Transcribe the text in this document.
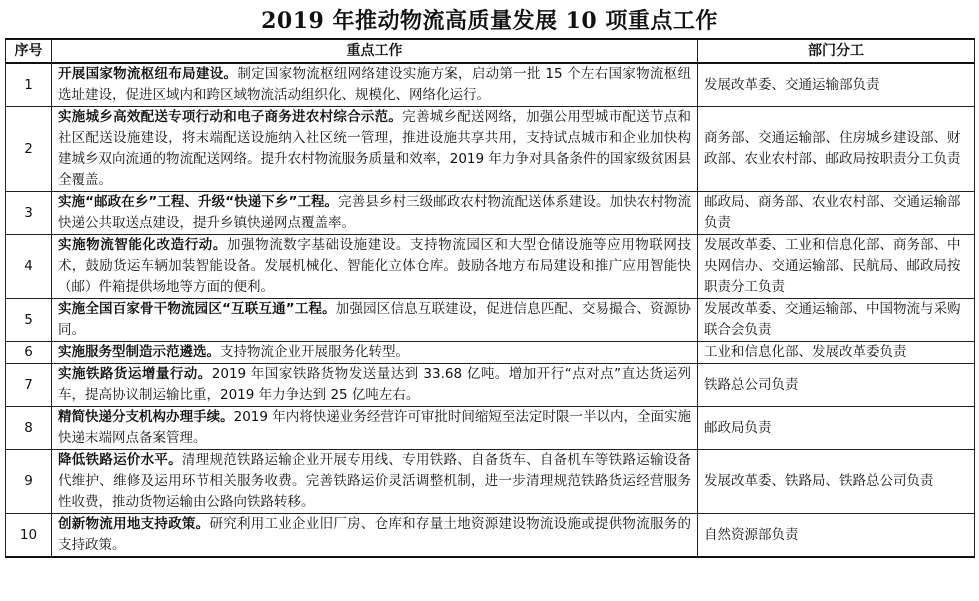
2019 年推动物流高质量发展 10 项重点工作
序号	重点工作	部门分工
1	开展国家物流枢纽布局建设。制定国家物流枢纽网络建设实施方案，启动第一批 15 个左右国家物流枢纽选址建设，促进区域内和跨区域物流活动组织化、规模化、网络化运行。	发展改革委、交通运输部负责
2	实施城乡高效配送专项行动和电子商务进农村综合示范。完善城乡配送网络，加强公用型城市配送节点和社区配送设施建设，将末端配送设施纳入社区统一管理，推进设施共享共用，支持试点城市和企业加快构建城乡双向流通的物流配送网络。提升农村物流服务质量和效率，2019 年力争对具备条件的国家级贫困县全覆盖。	商务部、交通运输部、住房城乡建设部、财政部、农业农村部、邮政局按职责分工负责
3	实施“邮政在乡”工程、升级“快递下乡”工程。完善县乡村三级邮政农村物流配送体系建设。加快农村物流快递公共取送点建设，提升乡镇快递网点覆盖率。	邮政局、商务部、农业农村部、交通运输部负责
4	实施物流智能化改造行动。加强物流数字基础设施建设。支持物流园区和大型仓储设施等应用物联网技术，鼓励货运车辆加装智能设备。发展机械化、智能化立体仓库。鼓励各地方布局建设和推广应用智能快（邮）件箱提供场地等方面的便利。	发展改革委、工业和信息化部、商务部、中央网信办、交通运输部、民航局、邮政局按职责分工负责
5	实施全国百家骨干物流园区“互联互通”工程。加强园区信息互联建设，促进信息匹配、交易撮合、资源协同。	发展改革委、交通运输部、中国物流与采购联合会负责
6	实施服务型制造示范遴选。支持物流企业开展服务化转型。	工业和信息化部、发展改革委负责
7	实施铁路货运增量行动。2019 年国家铁路货物发送量达到 33.68 亿吨。增加开行“点对点”直达货运列车，提高协议制运输比重，2019 年力争达到 25 亿吨左右。	铁路总公司负责
8	精简快递分支机构办理手续。2019 年内将快递业务经营许可审批时间缩短至法定时限一半以内，全面实施快递末端网点备案管理。	邮政局负责
9	降低铁路运价水平。清理规范铁路运输企业开展专用线、专用铁路、自备货车、自备机车等铁路运输设备代维护、维修及运用环节相关服务收费。完善铁路运价灵活调整机制，进一步清理规范铁路货运经营服务性收费，推动货物运输由公路向铁路转移。	发展改革委、铁路局、铁路总公司负责
10	创新物流用地支持政策。研究利用工业企业旧厂房、仓库和存量土地资源建设物流设施或提供物流服务的支持政策。	自然资源部负责
